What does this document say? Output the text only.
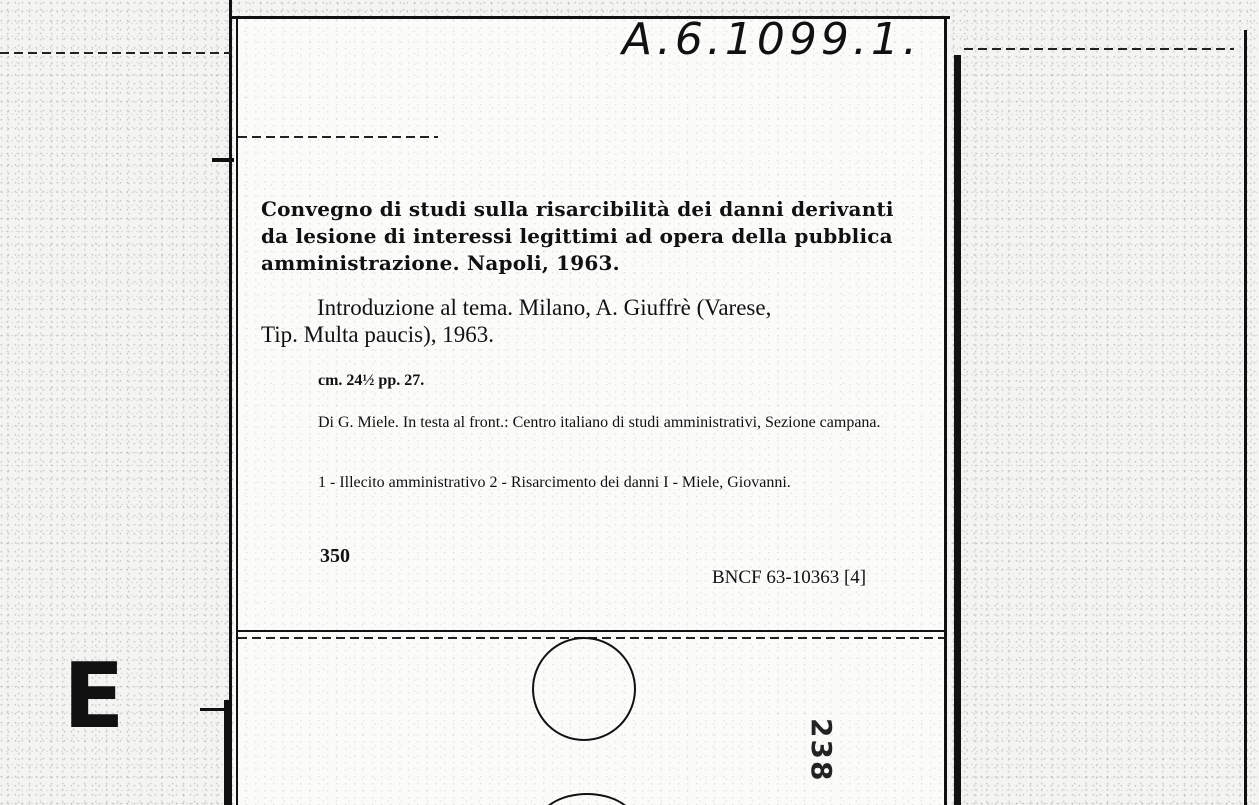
A.6.1099.1.
Convegno di studi sulla risarcibilità dei danni derivanti
da lesione di interessi legittimi ad opera della pubblica
amministrazione. Napoli, 1963.
Introduzione al tema. Milano, A. Giuffrè (Varese,
Tip. Multa paucis), 1963.

cm. 24½ pp. 27.

Di G. Miele. In testa al front.: Centro italiano di studi amministrativi, Sezione campana.

1 - Illecito amministrativo 2 - Risarcimento dei danni I - Miele, Giovanni.

350

BNCF 63-10363 [4]

238
E
